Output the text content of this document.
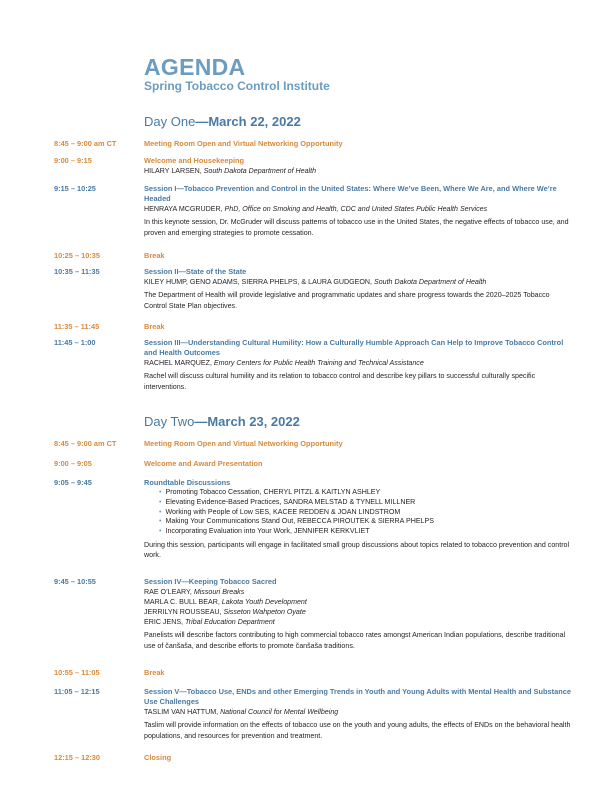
AGENDA
Spring Tobacco Control Institute
Day One—March 22, 2022
8:45 – 9:00 am CT	Meeting Room Open and Virtual Networking Opportunity
9:00 – 9:15	Welcome and Housekeeping
HILARY LARSEN, South Dakota Department of Health
9:15 – 10:25	Session I—Tobacco Prevention and Control in the United States: Where We’ve Been, Where We Are, and Where We’re Headed
HENRAYA MCGRUDER, PhD, Office on Smoking and Health, CDC and United States Public Health Services
In this keynote session, Dr. McGruder will discuss patterns of tobacco use in the United States, the negative effects of tobacco use, and proven and emerging strategies to promote cessation.
10:25 – 10:35	Break
10:35 – 11:35	Session II—State of the State
KILEY HUMP, GENO ADAMS, SIERRA PHELPS, & LAURA GUDGEON, South Dakota Department of Health
The Department of Health will provide legislative and programmatic updates and share progress towards the 2020–2025 Tobacco Control State Plan objectives.
11:35 – 11:45	Break
11:45 – 1:00	Session III—Understanding Cultural Humility: How a Culturally Humble Approach Can Help to Improve Tobacco Control and Health Outcomes
RACHEL MARQUEZ, Emory Centers for Public Health Training and Technical Assistance
Rachel will discuss cultural humility and its relation to tobacco control and describe key pillars to successful culturally specific interventions.
Day Two—March 23, 2022
8:45 – 9:00 am CT	Meeting Room Open and Virtual Networking Opportunity
9:00 – 9:05	Welcome and Award Presentation
9:05 – 9:45	Roundtable Discussions
• Promoting Tobacco Cessation, CHERYL PITZL & KAITLYN ASHLEY
• Elevating Evidence-Based Practices, SANDRA MELSTAD & TYNELL MILLNER
• Working with People of Low SES, KACEE REDDEN & JOAN LINDSTROM
• Making Your Communications Stand Out, REBECCA PIROUTEK & SIERRA PHELPS
• Incorporating Evaluation into Your Work, JENNIFER KERKVLIET
During this session, participants will engage in facilitated small group discussions about topics related to tobacco prevention and control work.
9:45 – 10:55	Session IV—Keeping Tobacco Sacred
RAE O’LEARY, Missouri Breaks
MARLA C. BULL BEAR, Lakota Youth Development
JERRILYN ROUSSEAU, Sisseton Wahpeton Oyate
ERIC JENS, Tribal Education Department
Panelists will describe factors contributing to high commercial tobacco rates amongst American Indian populations, describe traditional use of čanšaša, and describe efforts to promote čanšaša traditions.
10:55 – 11:05	Break
11:05 – 12:15	Session V—Tobacco Use, ENDs and other Emerging Trends in Youth and Young Adults with Mental Health and Substance Use Challenges
TASLIM VAN HATTUM, National Council for Mental Wellbeing
Taslim will provide information on the effects of tobacco use on the youth and young adults, the effects of ENDs on the behavioral health populations, and resources for prevention and treatment.
12:15 – 12:30	Closing
